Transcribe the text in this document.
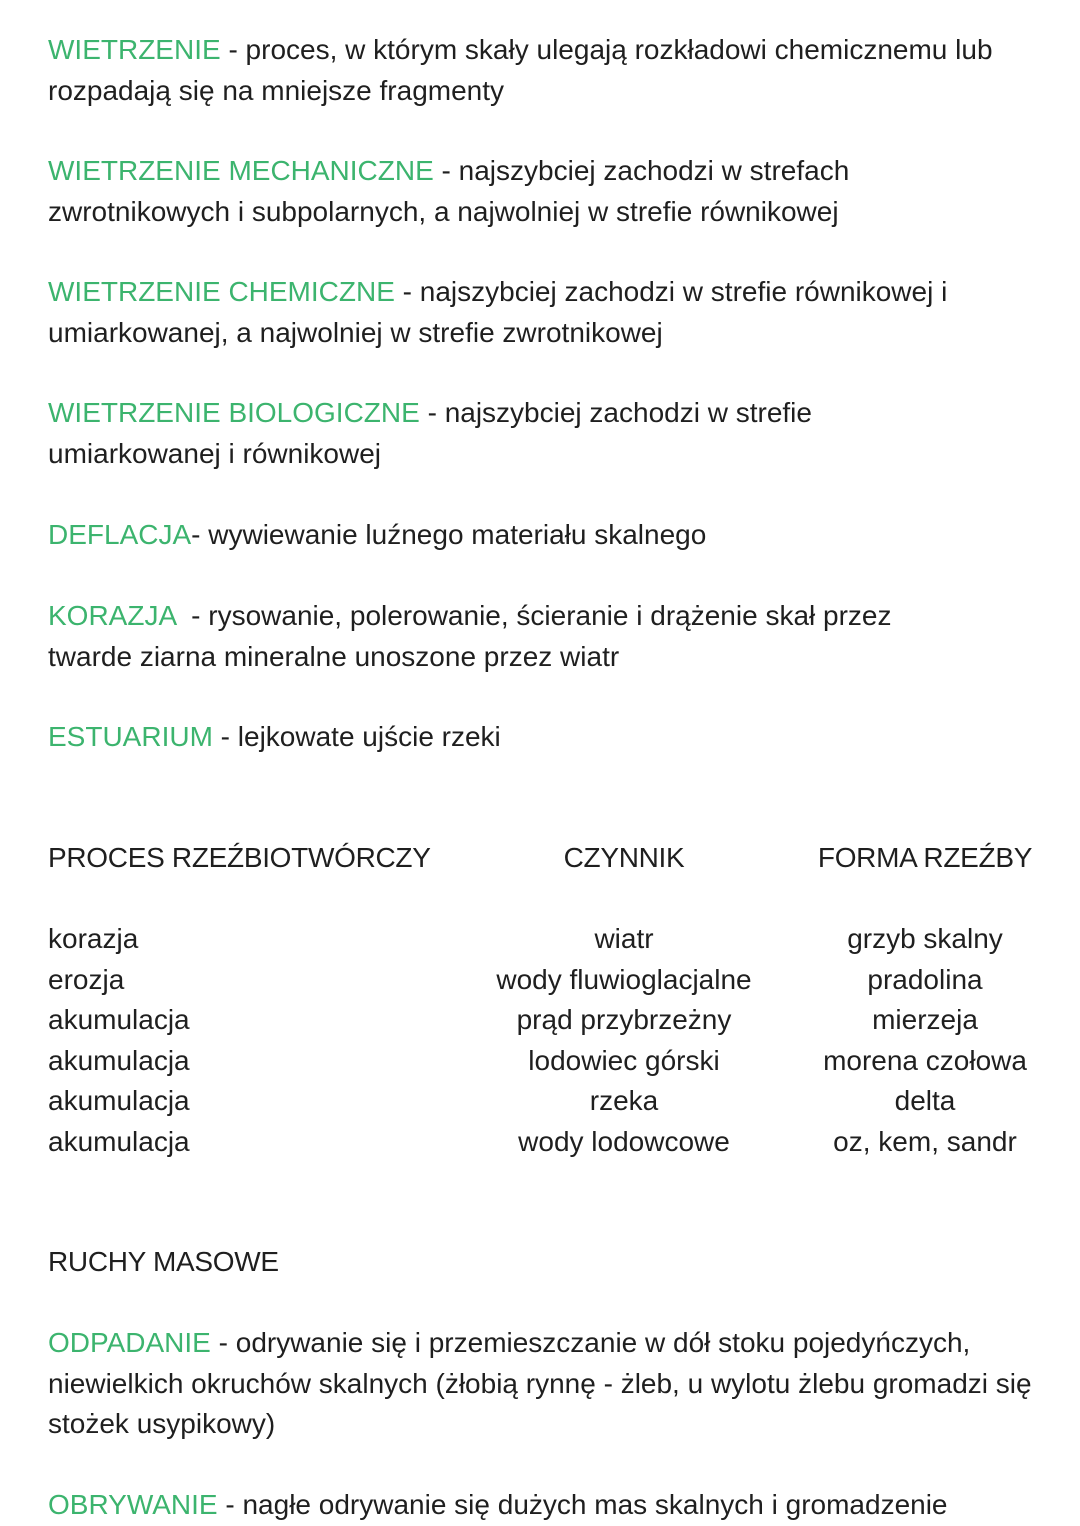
WIETRZENIE - proces, w którym skały ulegają rozkładowi chemicznemu lub rozpadają się na mniejsze fragmenty
WIETRZENIE MECHANICZNE - najszybciej zachodzi w strefach zwrotnikowych i subpolarnych, a najwolniej w strefie równikowej
WIETRZENIE CHEMICZNE - najszybciej zachodzi w strefie równikowej i umiarkowanej, a najwolniej w strefie zwrotnikowej
WIETRZENIE BIOLOGICZNE - najszybciej zachodzi w strefie umiarkowanej i równikowej
DEFLACJA- wywiewanie luźnego materiału skalnego
KORAZJA  - rysowanie, polerowanie, ścieranie i drążenie skał przez twarde ziarna mineralne unoszone przez wiatr
ESTUARIUM - lejkowate ujście rzeki
PROCES RZEŹBIOTWÓRCZY	CZYNNIK	FORMA RZEŹBY
korazja
erozja
akumulacja
akumulacja
akumulacja
akumulacja
wiatr
wody fluwioglacjalne
prąd przybrzeżny
lodowiec górski
rzeka
wody lodowcowe
grzyb skalny
pradolina
mierzeja
morena czołowa
delta
oz, kem, sandr
RUCHY MASOWE
ODPADANIE - odrywanie się i przemieszczanie w dół stoku pojedyńczych, niewielkich okruchów skalnych (żłobią rynnę - żleb, u wylotu żlebu gromadzi się stożek usypikowy)
OBRYWANIE - nagłe odrywanie się dużych mas skalnych i gromadzenie
